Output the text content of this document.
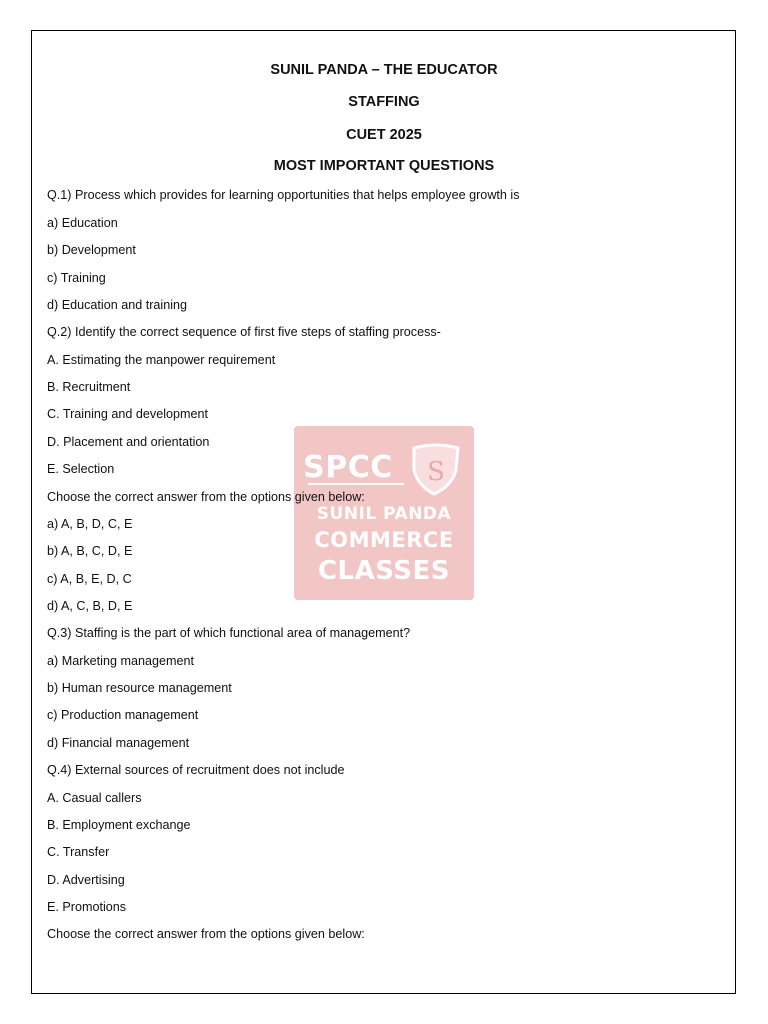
SUNIL PANDA – THE EDUCATOR
STAFFING
CUET 2025
MOST IMPORTANT QUESTIONS
S
SPCC
SUNIL PANDA
COMMERCE
CLASSES
Q.1) Process which provides for learning opportunities that helps employee growth is
a) Education
b) Development
c) Training
d) Education and training
Q.2) Identify the correct sequence of first five steps of staffing process-
A. Estimating the manpower requirement
B. Recruitment
C. Training and development
D. Placement and orientation
E. Selection
Choose the correct answer from the options given below:
a) A, B, D, C, E
b) A, B, C, D, E
c) A, B, E, D, C
d) A, C, B, D, E
Q.3) Staffing is the part of which functional area of management?
a) Marketing management
b) Human resource management
c) Production management
d) Financial management
Q.4) External sources of recruitment does not include
A. Casual callers
B. Employment exchange
C. Transfer
D. Advertising
E. Promotions
Choose the correct answer from the options given below:
